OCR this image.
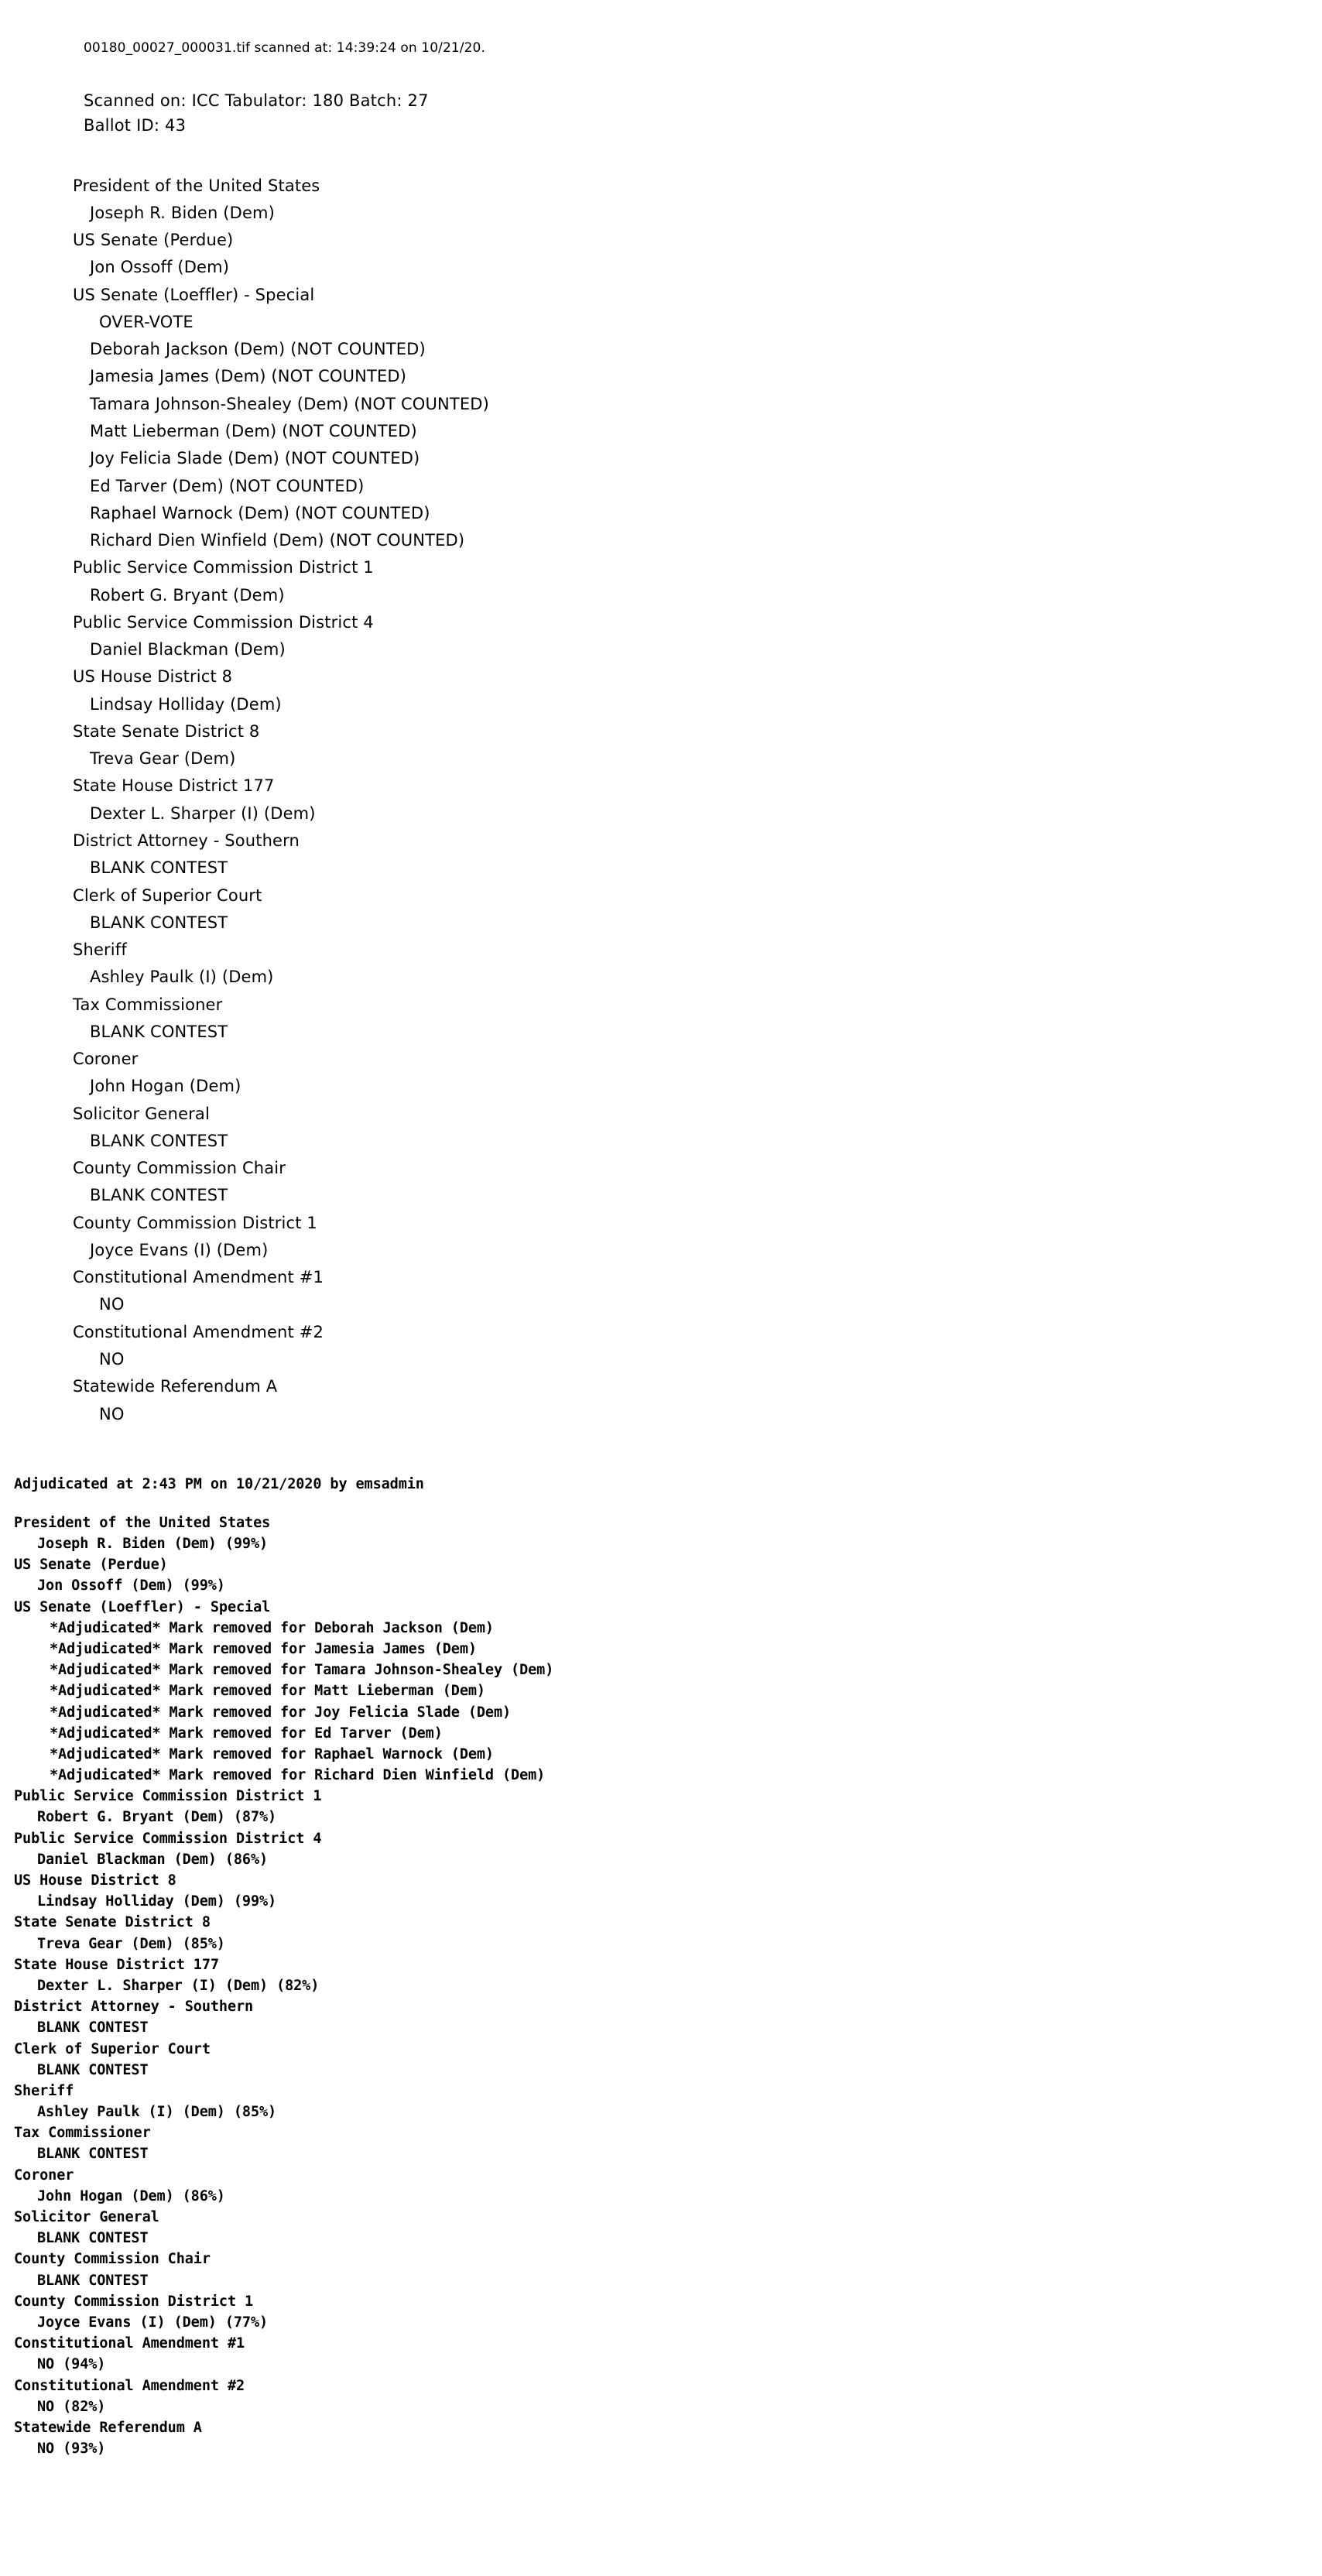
00180_00027_000031.tif scanned at: 14:39:24 on 10/21/20.
Scanned on: ICC Tabulator: 180 Batch: 27
Ballot ID: 43
President of the United States
Joseph R. Biden (Dem)
US Senate (Perdue)
Jon Ossoff (Dem)
US Senate (Loeffler) - Special
OVER-VOTE
Deborah Jackson (Dem) (NOT COUNTED)
Jamesia James (Dem) (NOT COUNTED)
Tamara Johnson-Shealey (Dem) (NOT COUNTED)
Matt Lieberman (Dem) (NOT COUNTED)
Joy Felicia Slade (Dem) (NOT COUNTED)
Ed Tarver (Dem) (NOT COUNTED)
Raphael Warnock (Dem) (NOT COUNTED)
Richard Dien Winfield (Dem) (NOT COUNTED)
Public Service Commission District 1
Robert G. Bryant (Dem)
Public Service Commission District 4
Daniel Blackman (Dem)
US House District 8
Lindsay Holliday (Dem)
State Senate District 8
Treva Gear (Dem)
State House District 177
Dexter L. Sharper (I) (Dem)
District Attorney - Southern
BLANK CONTEST
Clerk of Superior Court
BLANK CONTEST
Sheriff
Ashley Paulk (I) (Dem)
Tax Commissioner
BLANK CONTEST
Coroner
John Hogan (Dem)
Solicitor General
BLANK CONTEST
County Commission Chair
BLANK CONTEST
County Commission District 1
Joyce Evans (I) (Dem)
Constitutional Amendment #1
NO
Constitutional Amendment #2
NO
Statewide Referendum A
NO
Adjudicated at 2:43 PM on 10/21/2020 by emsadmin
President of the United States
Joseph R. Biden (Dem) (99%)
US Senate (Perdue)
Jon Ossoff (Dem) (99%)
US Senate (Loeffler) - Special
*Adjudicated* Mark removed for Deborah Jackson (Dem)
*Adjudicated* Mark removed for Jamesia James (Dem)
*Adjudicated* Mark removed for Tamara Johnson-Shealey (Dem)
*Adjudicated* Mark removed for Matt Lieberman (Dem)
*Adjudicated* Mark removed for Joy Felicia Slade (Dem)
*Adjudicated* Mark removed for Ed Tarver (Dem)
*Adjudicated* Mark removed for Raphael Warnock (Dem)
*Adjudicated* Mark removed for Richard Dien Winfield (Dem)
Public Service Commission District 1
Robert G. Bryant (Dem) (87%)
Public Service Commission District 4
Daniel Blackman (Dem) (86%)
US House District 8
Lindsay Holliday (Dem) (99%)
State Senate District 8
Treva Gear (Dem) (85%)
State House District 177
Dexter L. Sharper (I) (Dem) (82%)
District Attorney - Southern
BLANK CONTEST
Clerk of Superior Court
BLANK CONTEST
Sheriff
Ashley Paulk (I) (Dem) (85%)
Tax Commissioner
BLANK CONTEST
Coroner
John Hogan (Dem) (86%)
Solicitor General
BLANK CONTEST
County Commission Chair
BLANK CONTEST
County Commission District 1
Joyce Evans (I) (Dem) (77%)
Constitutional Amendment #1
NO (94%)
Constitutional Amendment #2
NO (82%)
Statewide Referendum A
NO (93%)
